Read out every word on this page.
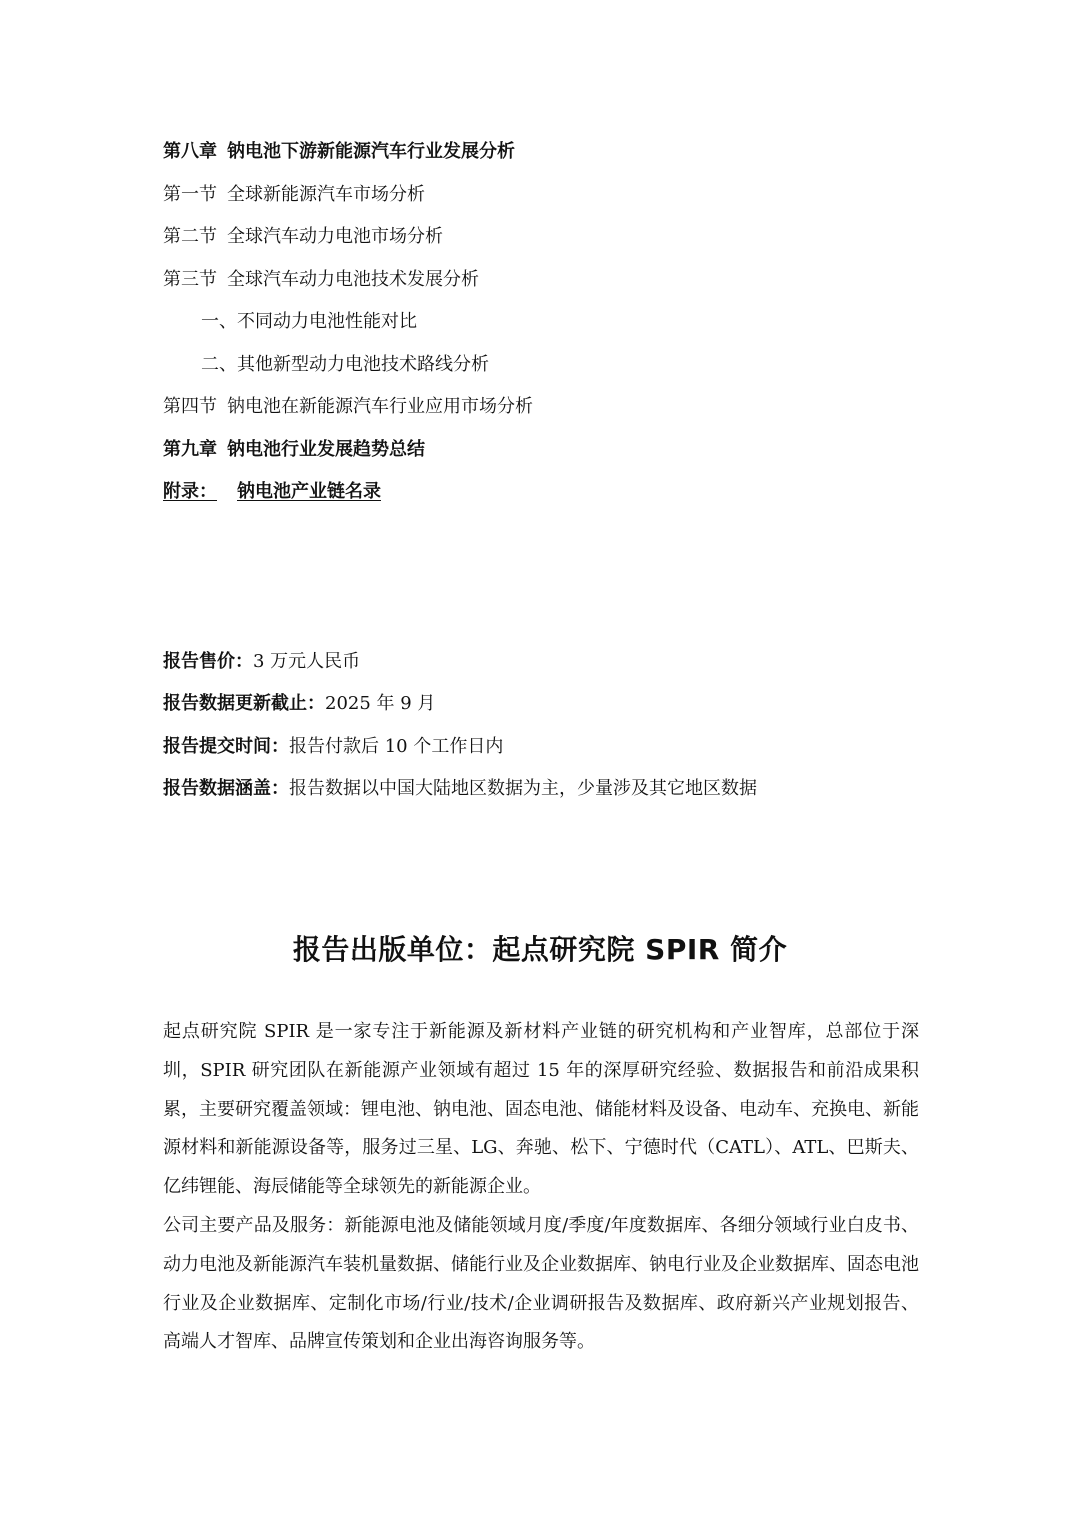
第八章 钠电池下游新能源汽车行业发展分析
第一节 全球新能源汽车市场分析
第二节 全球汽车动力电池市场分析
第三节 全球汽车动力电池技术发展分析
一、不同动力电池性能对比
二、其他新型动力电池技术路线分析
第四节 钠电池在新能源汽车行业应用市场分析
第九章 钠电池行业发展趋势总结
附录： 钠电池产业链名录
报告售价：3 万元人民币
报告数据更新截止：2025 年 9 月
报告提交时间：报告付款后 10 个工作日内
报告数据涵盖：报告数据以中国大陆地区数据为主，少量涉及其它地区数据
报告出版单位：起点研究院 SPIR 简介

起点研究院 SPIR 是一家专注于新能源及新材料产业链的研究机构和产业智库，总部位于深圳，SPIR 研究团队在新能源产业领域有超过 15 年的深厚研究经验、数据报告和前沿成果积累，主要研究覆盖领域：锂电池、钠电池、固态电池、储能材料及设备、电动车、充换电、新能源材料和新能源设备等，服务过三星、LG、奔驰、松下、宁德时代（CATL）、ATL、巴斯夫、亿纬锂能、海辰储能等全球领先的新能源企业。

公司主要产品及服务：新能源电池及储能领域月度/季度/年度数据库、各细分领域行业白皮书、动力电池及新能源汽车装机量数据、储能行业及企业数据库、钠电行业及企业数据库、固态电池行业及企业数据库、定制化市场/行业/技术/企业调研报告及数据库、政府新兴产业规划报告、高端人才智库、品牌宣传策划和企业出海咨询服务等。
